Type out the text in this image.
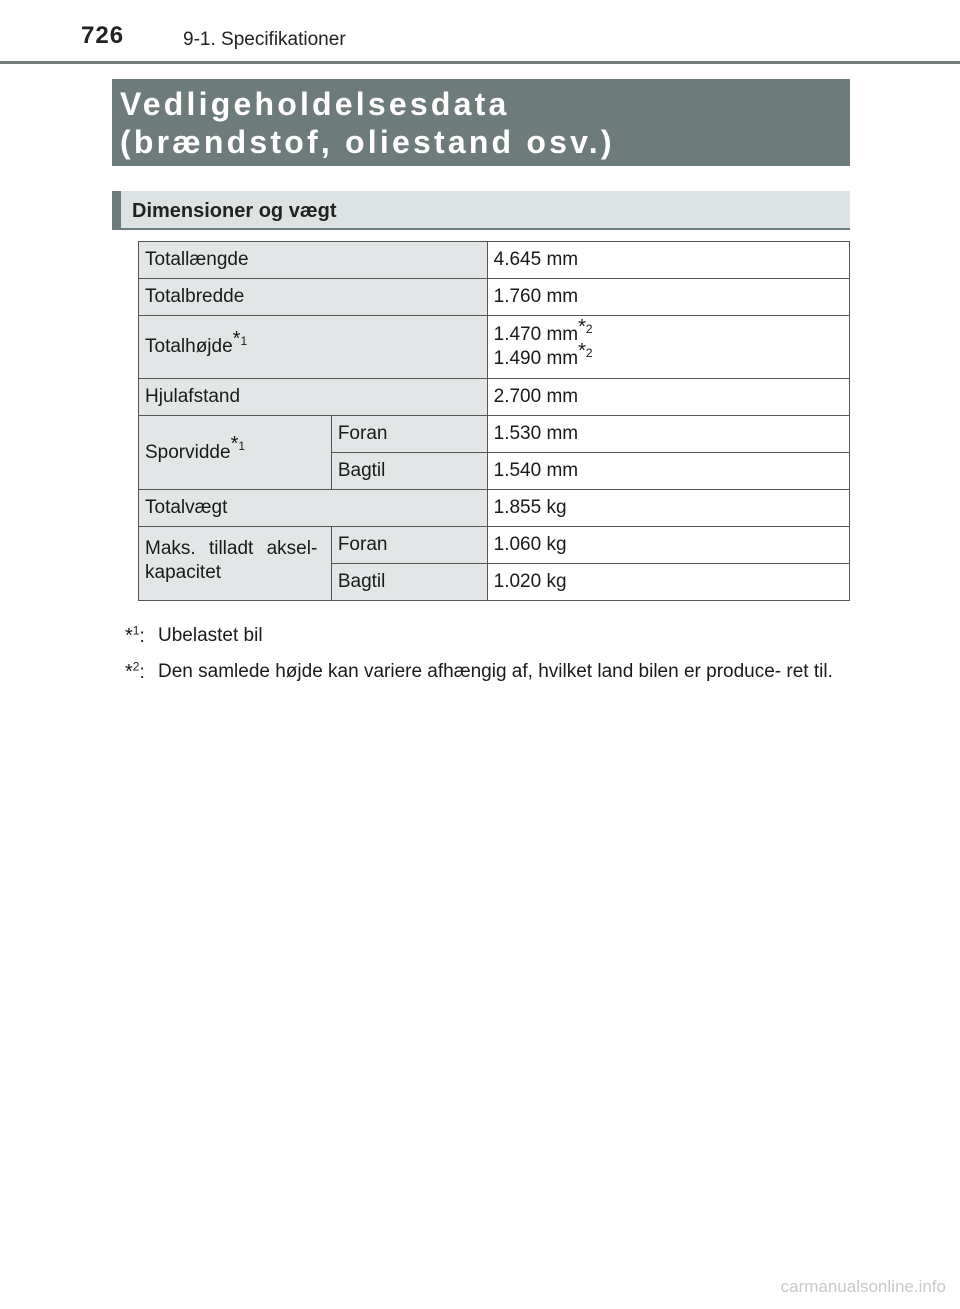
726	9-1. Specifikationer
Vedligeholdelsesdata
(brændstof, oliestand osv.)
Dimensioner og vægt
Totallængde		4.645 mm
Totalbredde		1.760 mm
Totalhøjde$^{*1}$		1.470 $mm^{*2}$
1.490 $mm^{*2}$

Hjulafstand		2.700 mm
Sporvidde$^{*1}$	Foran	1.530 mm
	Bagtil	1.540 mm
Totalvægt		1.855 kg

Maks. tilladt aksel-
kapacitet	Foran	1.060 kg
	Bagtil	1.020 kg
*$^1$: Ubelastet bil
*$^2$: Den samlede højde kan variere afhængig af, hvilket land bilen er produce- ret til.
carmanualsonline.info
